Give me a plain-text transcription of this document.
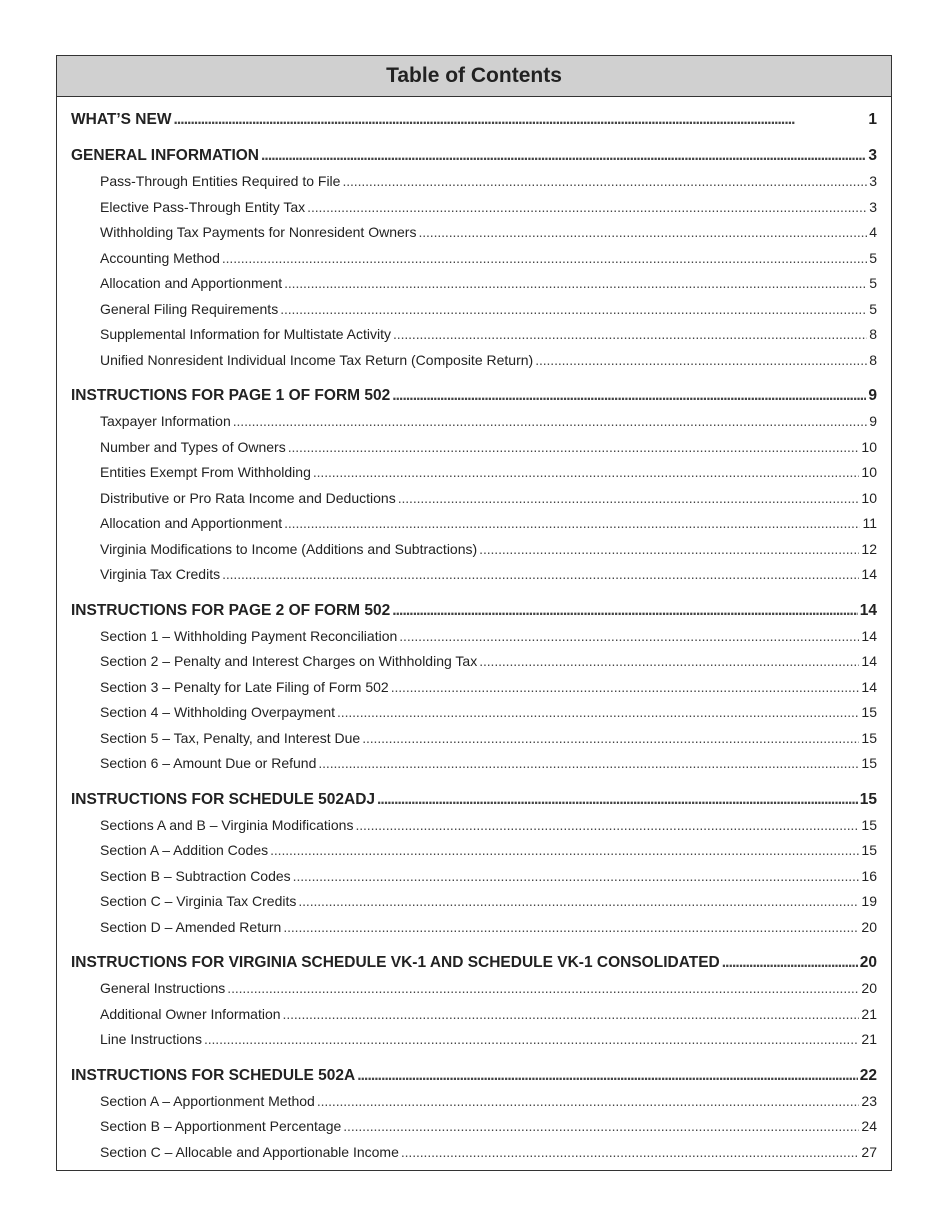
Table of Contents
WHAT’S NEW . . .	1
GENERAL INFORMATION . . .	3
Pass-Through Entities Required to File . . .	3
Elective Pass-Through Entity Tax . . .	3
Withholding Tax Payments for Nonresident Owners . . .	4
Accounting Method . . .	5
Allocation and Apportionment . . .	5
General Filing Requirements . . .	5
Supplemental Information for Multistate Activity . . .	8
Unified Nonresident Individual Income Tax Return (Composite Return) . . .	8
INSTRUCTIONS FOR PAGE 1 OF FORM 502 . . .	9
Taxpayer Information . . .	9
Number and Types of Owners . . .	10
Entities Exempt From Withholding . . .	10
Distributive or Pro Rata Income and Deductions . . .	10
Allocation and Apportionment . . .	11
Virginia Modifications to Income (Additions and Subtractions) . . .	12
Virginia Tax Credits . . .	14
INSTRUCTIONS FOR PAGE 2 OF FORM 502 . . .	14
Section 1 – Withholding Payment Reconciliation . . .	14
Section 2 – Penalty and Interest Charges on Withholding Tax . . .	14
Section 3 – Penalty for Late Filing of Form 502 . . .	14
Section 4 – Withholding Overpayment . . .	15
Section 5 – Tax, Penalty, and Interest Due . . .	15
Section 6 – Amount Due or Refund . . .	15
INSTRUCTIONS FOR SCHEDULE 502ADJ . . .	15
Sections A and B – Virginia Modifications . . .	15
Section A – Addition Codes . . .	15
Section B – Subtraction Codes . . .	16
Section C – Virginia Tax Credits . . .	19
Section D – Amended Return . . .	20
INSTRUCTIONS FOR VIRGINIA SCHEDULE VK-1 AND SCHEDULE VK-1 CONSOLIDATED . . .	20
General Instructions . . .	20
Additional Owner Information . . .	21
Line Instructions . . .	21
INSTRUCTIONS FOR SCHEDULE 502A . . .	22
Section A – Apportionment Method . . .	23
Section B – Apportionment Percentage . . .	24
Section C – Allocable and Apportionable Income . . .	27
